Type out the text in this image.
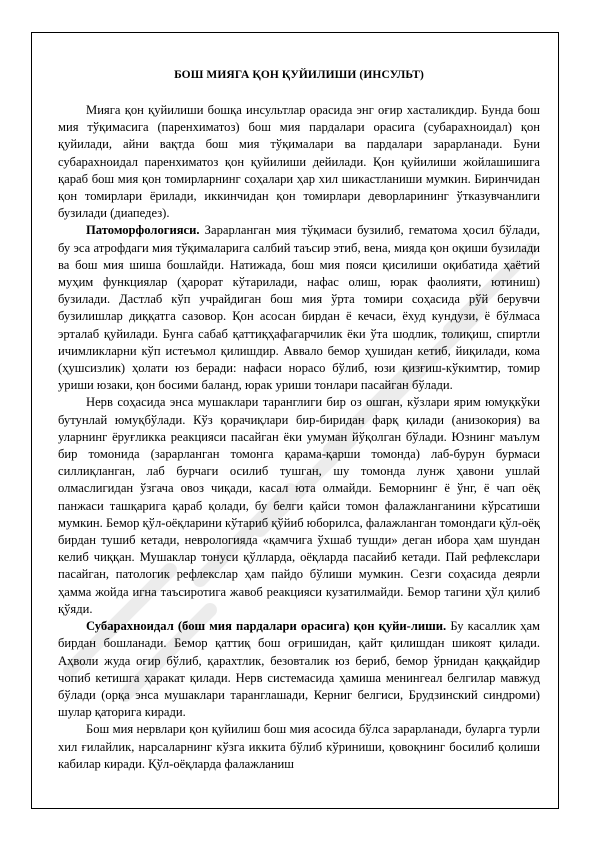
БОШ МИЯГА ҚОН ҚУЙИЛИШИ (ИНСУЛЬТ)

Мияга қон қуйилиши бошқа инсультлар орасида энг оғир хасталикдир. Бунда бош мия тўқимасига (паренхиматоз) бош мия пардалари орасига (субарахноидал) қон қуйилади, айни вақтда бош мия тўқималари ва пардалари зарарланади. Буни субарахноидал паренхиматоз қон қуйилиши дейилади. Қон қуйилиши жойлашишига қараб бош мия қон томирларнинг соҳалари ҳар хил шикастланиши мумкин. Биринчидан қон томирлари ёрилади, иккинчидан қон томирлари деворларининг ўтказувчанлиги бузилади (диапедез).

Патоморфологияси. Зарарланган мия тўқимаси бузилиб, гематома ҳосил бўлади, бу эса атрофдаги мия тўқималарига салбий таъсир этиб, вена, мияда қон оқиши бузилади ва бош мия шиша бошлайди. Натижада, бош мия пояси қисилиши оқибатида ҳаётий муҳим функциялар (ҳарорат кўтарилади, нафас олиш, юрак фаолияти, ютиниш) бузилади. Дастлаб кўп учрайдиган бош мия ўрта томири соҳасида рўй берувчи бузилишлар диққатга сазовор. Қон асосан бирдан ё кечаси, ёхуд кундузи, ё бўлмаса эрталаб қуйилади. Бунга сабаб қаттиқҳафагарчилик ёки ўта шодлик, толиқиш, спиртли ичимликларни кўп истеъмол қилишдир. Аввало бемор ҳушидан кетиб, йиқилади, кома (ҳушсизлик) ҳолати юз беради: нафаси норасо бўлиб, юзи қизғиш-кўкимтир, томир уриши юзаки, қон босими баланд, юрак уриши тонлари пасайган бўлади.

Нерв соҳасида энса мушаклари таранглиги бир оз ошган, кўзлари ярим юмуқкўки бутунлай юмуқбўлади. Кўз қорачиқлари бир-биридан фарқ қилади (анизокория) ва уларнинг ёруғликка реакцияси пасайган ёки умуман йўқолган бўлади. Юзнинг маълум бир томонида (зарарланган томонга қарама-қарши томонда) лаб-бурун бурмаси силлиқланган, лаб бурчаги осилиб тушган, шу томонда лунж ҳавони ушлай олмаслигидан ўзгача овоз чиқади, касал юта олмайди. Беморнинг ё ўнг, ё чап оёқ панжаси ташқарига қараб қолади, бу белги қайси томон фалажланганини кўрсатиши мумкин. Бемор қўл-оёқларини кўтариб қўйиб юборилса, фалажланган томондаги қўл-оёқ бирдан тушиб кетади, неврологияда «қамчига ўхшаб тушди» деган ибора ҳам шундан келиб чиққан. Мушаклар тонуси қўлларда, оёқларда пасайиб кетади. Пай рефлекслари пасайган, патологик рефлекслар ҳам пайдо бўлиши мумкин. Сезги соҳасида деярли ҳамма жойда игна таъсиротига жавоб реакцияси кузатилмайди. Бемор тагини ҳўл қилиб қўяди.

Субарахноидал (бош мия пардалари орасига) қон қуйи-лиши. Бу касаллик ҳам бирдан бошланади. Бемор қаттиқ бош оғришидан, қайт қилишдан шикоят қилади. Аҳволи жуда оғир бўлиб, қарахтлик, безовталик юз бериб, бемор ўрнидан қаққайдир чопиб кетишга ҳаракат қилади. Нерв системасида ҳамиша менингеал белгилар мавжуд бўлади (орқа энса мушаклари таранглашади, Керниг белгиси, Брудзинский синдроми) шулар қаторига киради.

Бош мия нервлари қон қуйилиш бош мия асосида бўлса зарарланади, буларга турли хил ғилайлик, нарсаларнинг кўзга иккита бўлиб кўриниши, қовоқнинг босилиб қолиши кабилар киради. Қўл-оёқларда фалажланиш
